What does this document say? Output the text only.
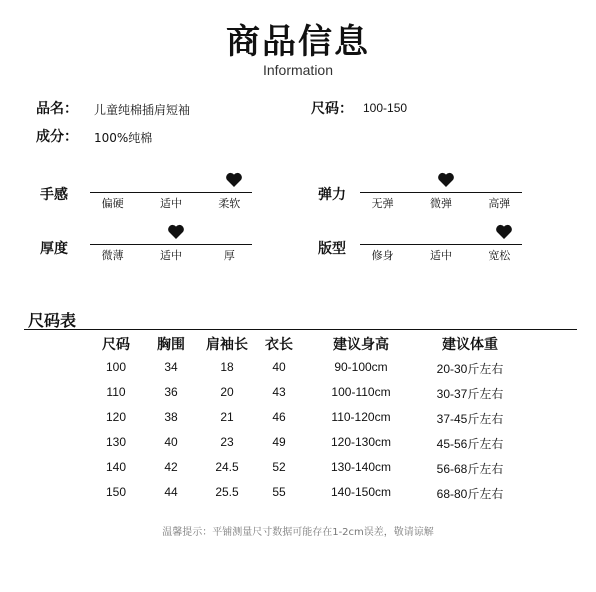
商品信息
Information
品名： 儿童纯棉插肩短袖	尺码： 100-150
成分： 100%纯棉
手感
偏硬	适中	柔软
弹力
无弹	微弹	高弹
厚度	微薄	适中	厚	版型 修身	适中	宽松
尺码表
尺码 胸围 肩袖长 衣长	建议身高	建议体重
100	34	18	40	90-100cm	20-30斤左右
110	36	20	43	100-110cm	30-37斤左右
120	38	21	46	110-120cm	37-45斤左右
130	40	23	49	120-130cm	45-56斤左右
140	42	24.5	52	130-140cm	56-68斤左右
150	44	25.5	55	140-150cm	68-80斤左右
温馨提示：平铺测量尺寸数据可能存在1-2cm误差，敬请谅解
